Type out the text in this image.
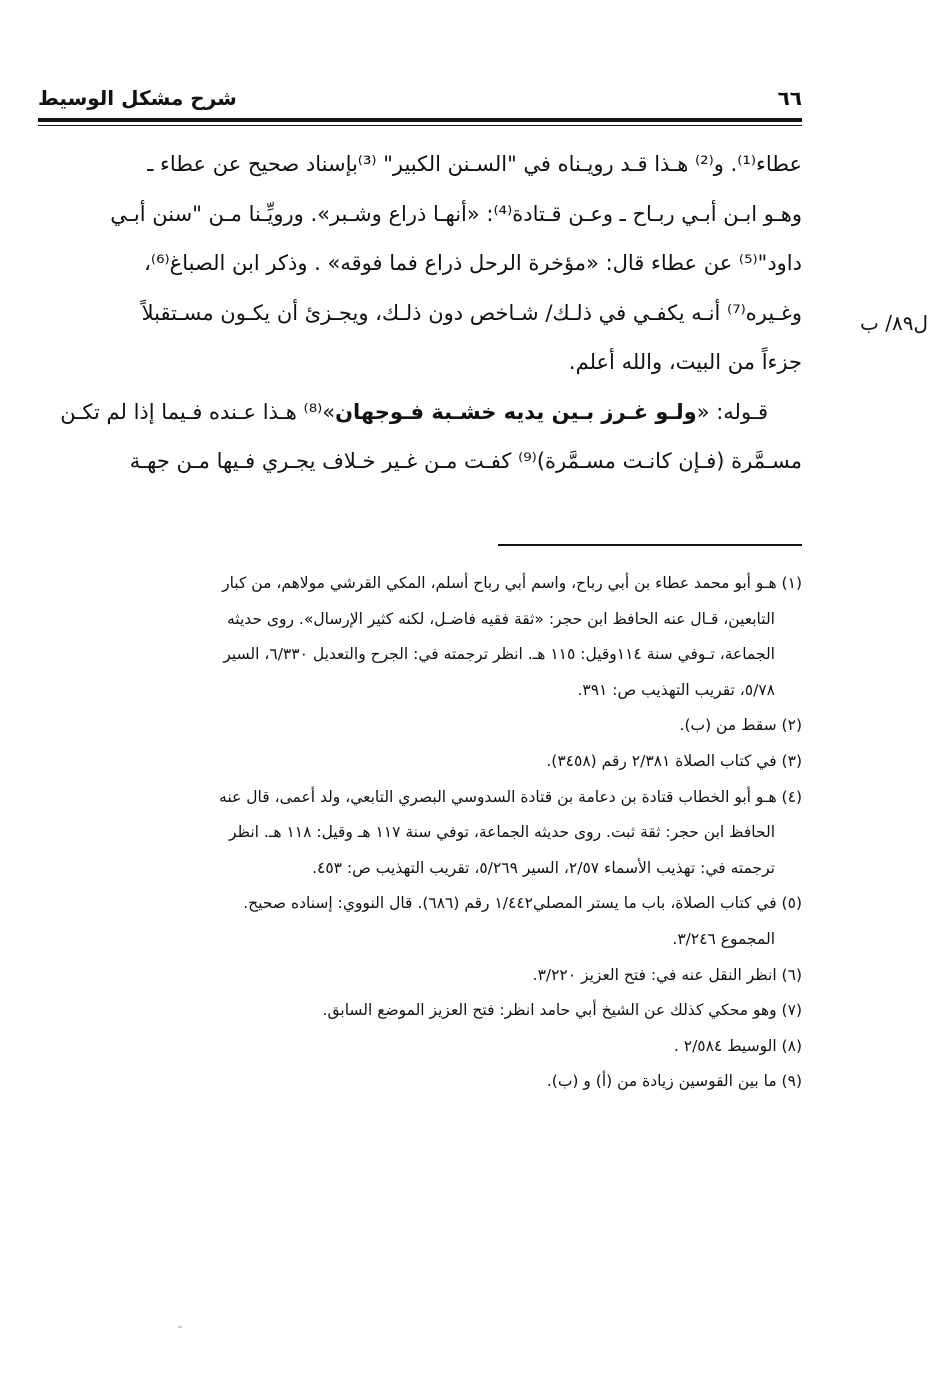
شرح مشكل الوسيط	٦٦
ل٨٩/ ب
عطاء⁽¹⁾. و⁽²⁾ هـذا قـد رويـناه في "السـنن الكبير" ⁽³⁾بإسناد صحيح عن عطاء ـ
وهـو ابـن أبـي ربـاح ـ وعـن قـتادة⁽⁴⁾: «أنهـا ذراع وشـبر». ورويِّـنا مـن "سنن أبـي
داود"⁽⁵⁾ عن عطاء قال: «مؤخرة الرحل ذراع فما فوقه» . وذكر ابن الصباغ⁽⁶⁾،
وغـيره⁽⁷⁾ أنـه يكفـي في ذلـك/ شـاخص دون ذلـك، ويجـزئ أن يكـون مسـتقبلاً
جزءاً من البيت، والله أعلم.
قـوله: «ولـو غـرز بـين يديه خشـبة فـوجهان»⁽⁸⁾ هـذا عـنده فـيما إذا لم تكـن
مسـمَّرة (فـإن كانـت مسـمَّرة)⁽⁹⁾ كفـت مـن غـير خـلاف يجـري فـيها مـن جهـة
(١) هـو أبو محمد عطاء بن أبي رباح، واسم أبي رباح أسلم، المكي القرشي مولاهم، من كبار
التابعين، قـال عنه الحافظ ابن حجر: «ثقة فقيه فاضـل، لكنه كثير الإرسال». روى حديثه
الجماعة، تـوفي سنة ١١٤وقيل: ١١٥ هـ. انظر ترجمته في: الجرح والتعديل ٦/٣٣٠، السير
٥/٧٨، تقريب التهذيب ص: ٣٩١.
(٢) سقط من (ب).
(٣) في كتاب الصلاة ٢/٣٨١ رقم (٣٤٥٨).
(٤) هـو أبو الخطاب قتادة بن دعامة بن قتادة السدوسي البصري التابعي، ولد أعمى، قال عنه
الحافظ ابن حجر: ثقة ثبت. روى حديثه الجماعة، توفي سنة ١١٧ هـ وقيل: ١١٨ هـ. انظر
ترجمته في: تهذيب الأسماء ٢/٥٧، السير ٥/٢٦٩، تقريب التهذيب ص: ٤٥٣.
(٥) في كتاب الصلاة، باب ما يستر المصلي١/٤٤٢ رقم (٦٨٦). قال النووي: إسناده صحيح.
المجموع ٣/٢٤٦.
(٦) انظر النقل عنه في: فتح العزيز ٣/٢٢٠.
(٧) وهو محكي كذلك عن الشيخ أبي حامد انظر: فتح العزيز الموضع السابق.
(٨) الوسيط ٢/٥٨٤ .
(٩) ما بين القوسين زيادة من (أ) و (ب).
